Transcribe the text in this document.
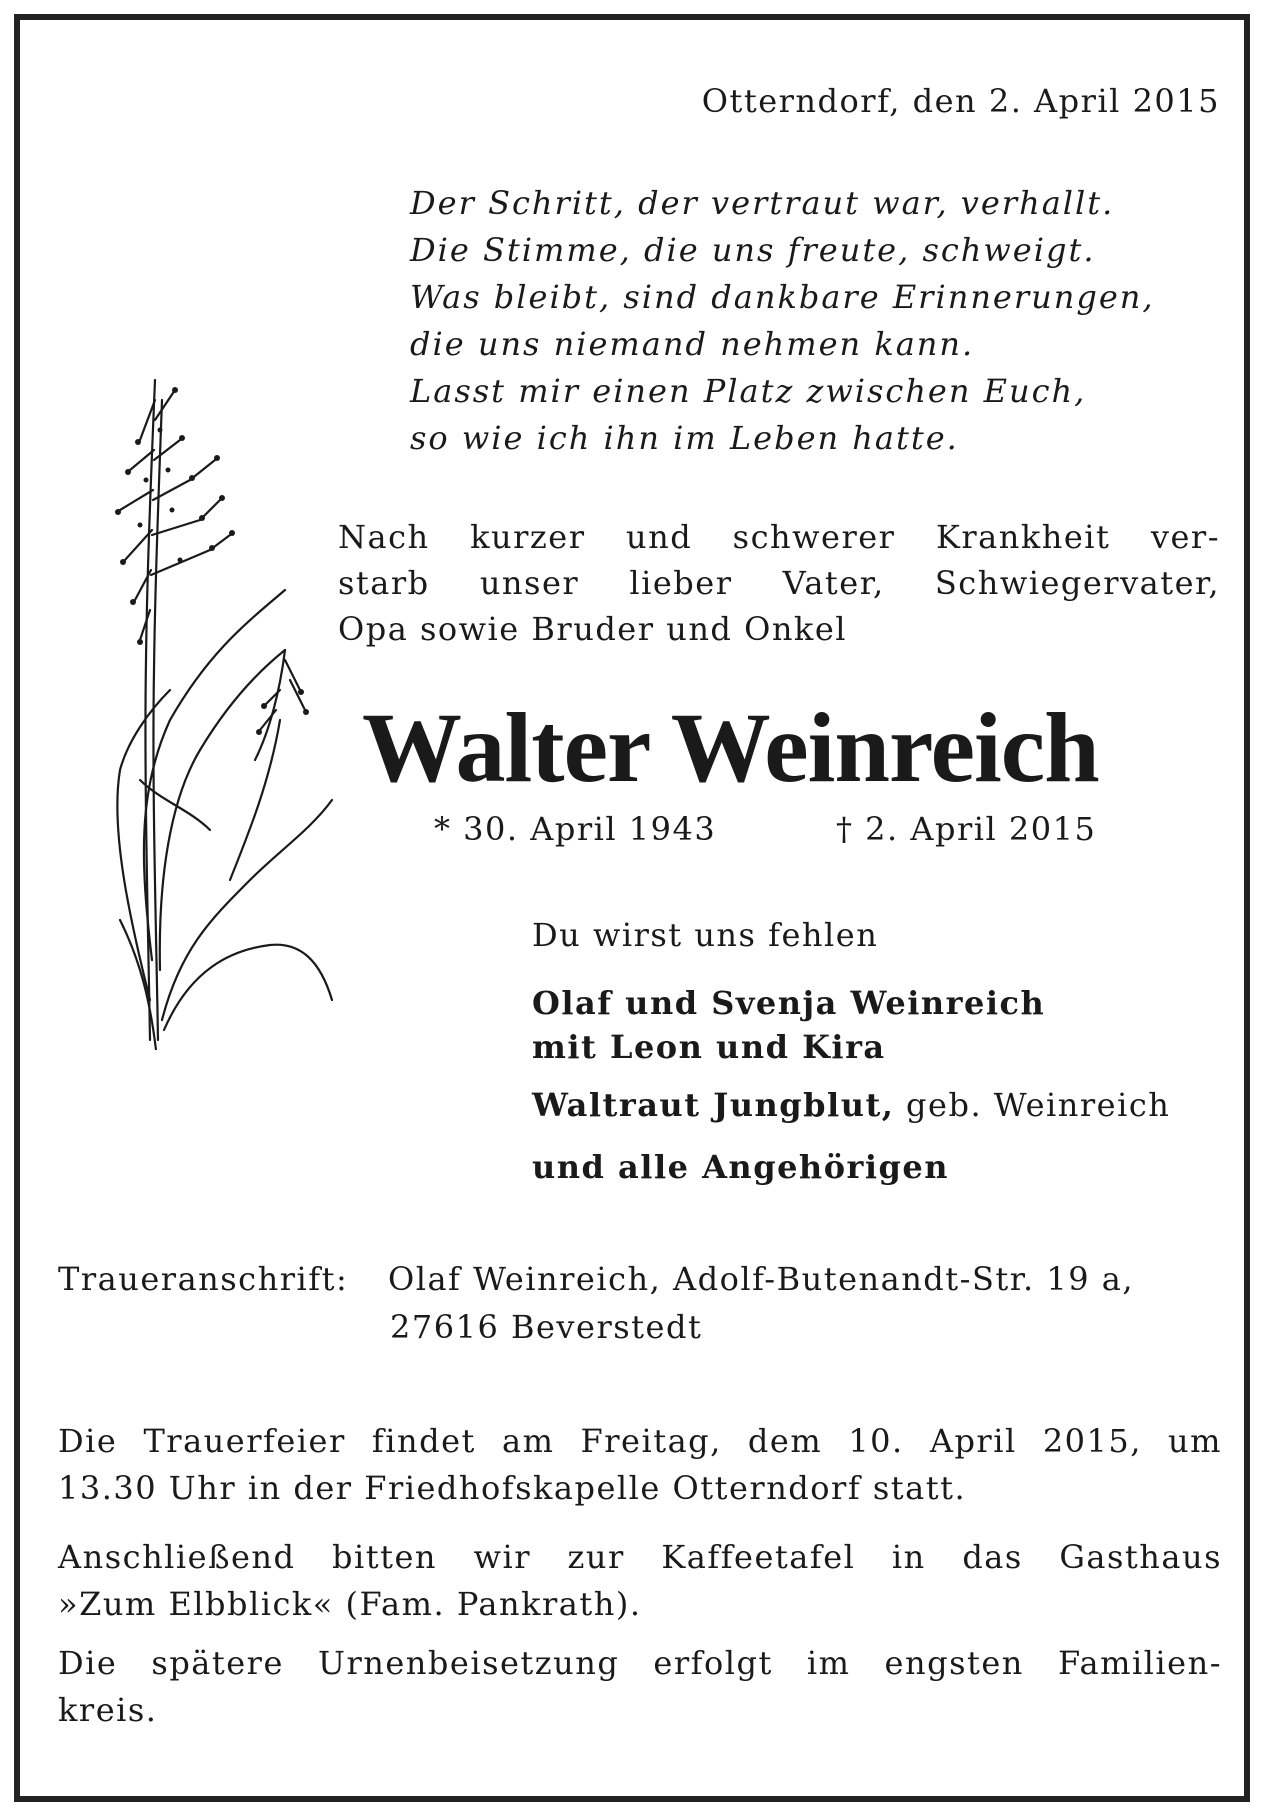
Otterndorf, den 2. April 2015
Der Schritt, der vertraut war, verhallt.
Die Stimme, die uns freute, schweigt.
Was bleibt, sind dankbare Erinnerungen,
die uns niemand nehmen kann.
Lasst mir einen Platz zwischen Euch,
so wie ich ihn im Leben hatte.
Nach kurzer und schwerer Krankheit ver-
starb unser lieber Vater, Schwiegervater,
Opa sowie Bruder und Onkel
Walter Weinreich
* 30. April 1943	† 2. April 2015
Du wirst uns fehlen
Olaf und Svenja Weinreich
mit Leon und Kira
Waltraut Jungblut, geb. Weinreich
und alle Angehörigen
Traueranschrift: Olaf Weinreich, Adolf-Butenandt-Str. 19 a,
27616 Beverstedt
Die Trauerfeier findet am Freitag, dem 10. April 2015, um
13.30 Uhr in der Friedhofskapelle Otterndorf statt.
Anschließend bitten wir zur Kaffeetafel in das Gasthaus
»Zum Elbblick« (Fam. Pankrath).
Die spätere Urnenbeisetzung erfolgt im engsten Familien-
kreis.
